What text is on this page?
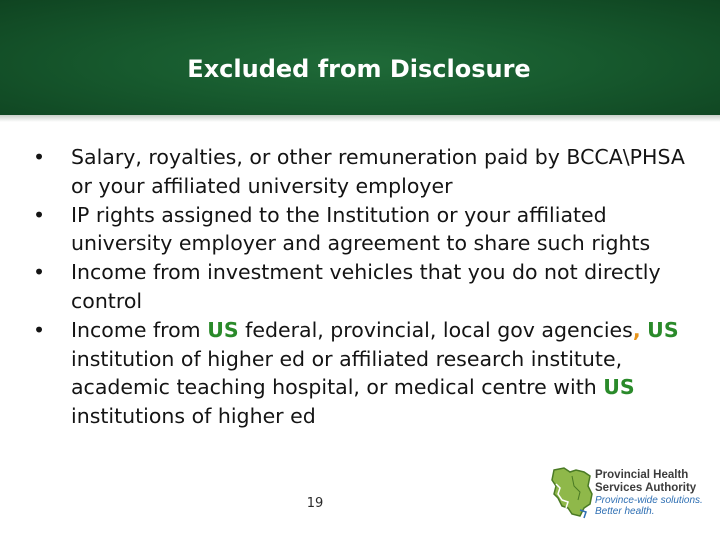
Excluded from Disclosure
•	Salary, royalties, or other remuneration paid by BCCA\PHSA or your affiliated university employer
•	IP rights assigned to the Institution or your affiliated university employer and agreement to share such rights
•	Income from investment vehicles that you do not directly control
•	Income from US federal, provincial, local gov agencies, US institution of higher ed or affiliated research institute, academic teaching hospital, or medical centre with US institutions of higher ed
19
Provincial Health
Services Authority
Province-wide solutions.
Better health.
